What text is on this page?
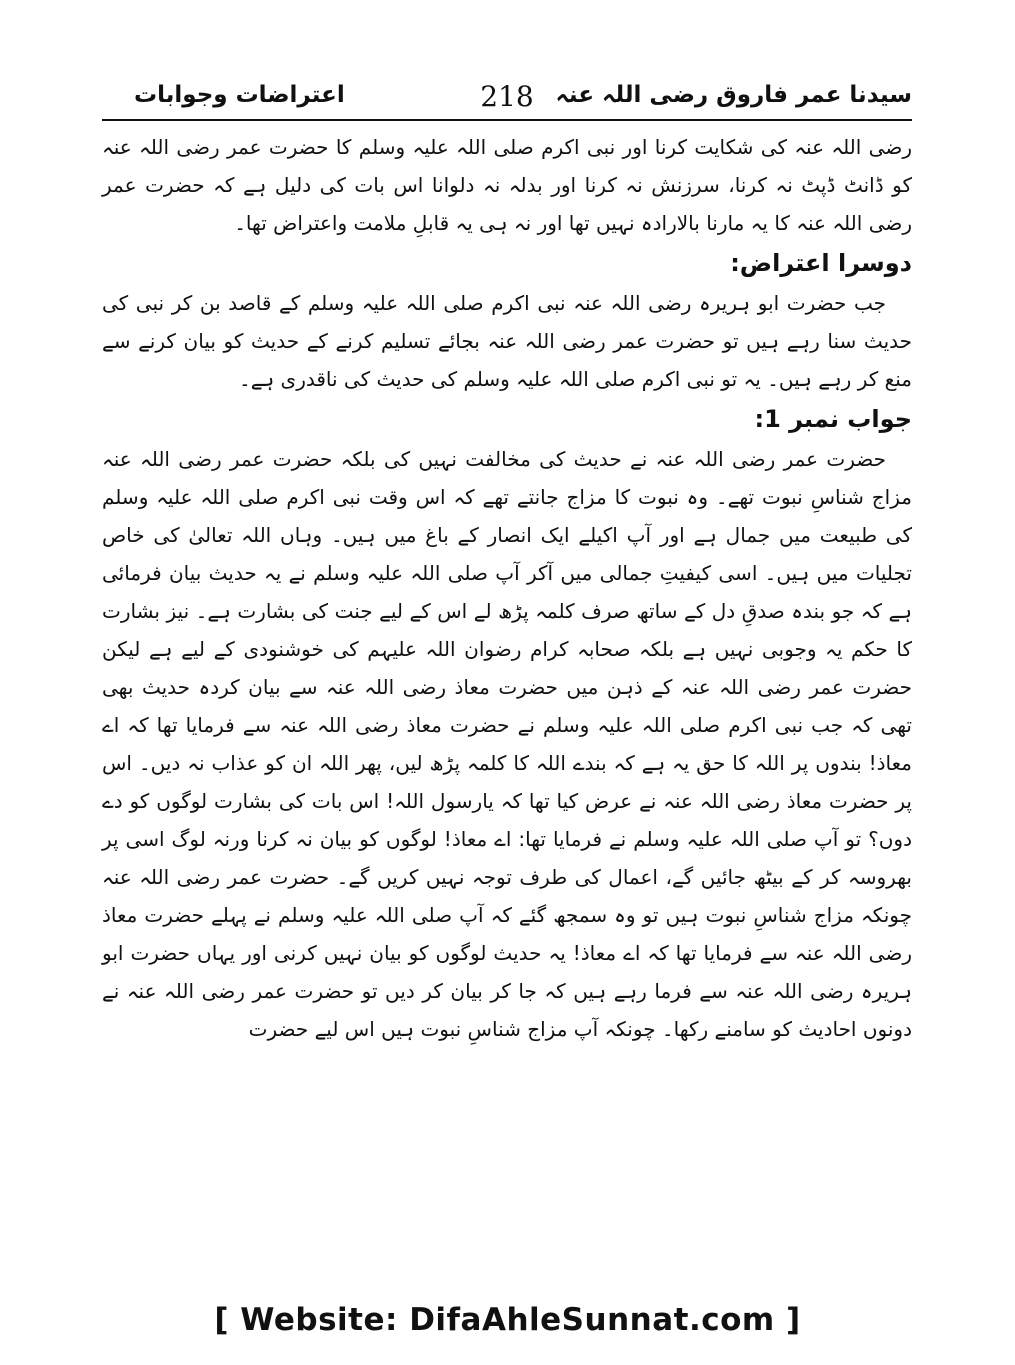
سیدنا عمر فاروق رضی اللہ عنہ
218
اعتراضات وجوابات

رضی اللہ عنہ کی شکایت کرنا اور نبی اکرم صلی اللہ علیہ وسلم کا حضرت عمر رضی اللہ عنہ کو ڈانٹ ڈپٹ نہ کرنا، سرزنش نہ کرنا اور بدلہ نہ دلوانا اس بات کی دلیل ہے کہ حضرت عمر رضی اللہ عنہ کا یہ مارنا بالارادہ نہیں تھا اور نہ ہی یہ قابلِ ملامت واعتراض تھا۔

دوسرا اعتراض:

جب حضرت ابو ہریرہ رضی اللہ عنہ نبی اکرم صلی اللہ علیہ وسلم کے قاصد بن کر نبی کی حدیث سنا رہے ہیں تو حضرت عمر رضی اللہ عنہ بجائے تسلیم کرنے کے حدیث کو بیان کرنے سے منع کر رہے ہیں۔ یہ تو نبی اکرم صلی اللہ علیہ وسلم کی حدیث کی ناقدری ہے۔

جواب نمبر 1:

حضرت عمر رضی اللہ عنہ نے حدیث کی مخالفت نہیں کی بلکہ حضرت عمر رضی اللہ عنہ مزاج شناسِ نبوت تھے۔ وہ نبوت کا مزاج جانتے تھے کہ اس وقت نبی اکرم صلی اللہ علیہ وسلم کی طبیعت میں جمال ہے اور آپ اکیلے ایک انصار کے باغ میں ہیں۔ وہاں اللہ تعالیٰ کی خاص تجلیات میں ہیں۔ اسی کیفیتِ جمالی میں آکر آپ صلی اللہ علیہ وسلم نے یہ حدیث بیان فرمائی ہے کہ جو بندہ صدقِ دل کے ساتھ صرف کلمہ پڑھ لے اس کے لیے جنت کی بشارت ہے۔ نیز بشارت کا حکم یہ وجوبی نہیں ہے بلکہ صحابہ کرام رضوان اللہ علیہم کی خوشنودی کے لیے ہے لیکن حضرت عمر رضی اللہ عنہ کے ذہن میں حضرت معاذ رضی اللہ عنہ سے بیان کردہ حدیث بھی تھی کہ جب نبی اکرم صلی اللہ علیہ وسلم نے حضرت معاذ رضی اللہ عنہ سے فرمایا تھا کہ اے معاذ! بندوں پر اللہ کا حق یہ ہے کہ بندے اللہ کا کلمہ پڑھ لیں، پھر اللہ ان کو عذاب نہ دیں۔ اس پر حضرت معاذ رضی اللہ عنہ نے عرض کیا تھا کہ یارسول اللہ! اس بات کی بشارت لوگوں کو دے دوں؟ تو آپ صلی اللہ علیہ وسلم نے فرمایا تھا: اے معاذ! لوگوں کو بیان نہ کرنا ورنہ لوگ اسی پر بھروسہ کر کے بیٹھ جائیں گے، اعمال کی طرف توجہ نہیں کریں گے۔ حضرت عمر رضی اللہ عنہ چونکہ مزاج شناسِ نبوت ہیں تو وہ سمجھ گئے کہ آپ صلی اللہ علیہ وسلم نے پہلے حضرت معاذ رضی اللہ عنہ سے فرمایا تھا کہ اے معاذ! یہ حدیث لوگوں کو بیان نہیں کرنی اور یہاں حضرت ابو ہریرہ رضی اللہ عنہ سے فرما رہے ہیں کہ جا کر بیان کر دیں تو حضرت عمر رضی اللہ عنہ نے دونوں احادیث کو سامنے رکھا۔ چونکہ آپ مزاج شناسِ نبوت ہیں اس لیے حضرت

[ Website: DifaAhleSunnat.com ]
